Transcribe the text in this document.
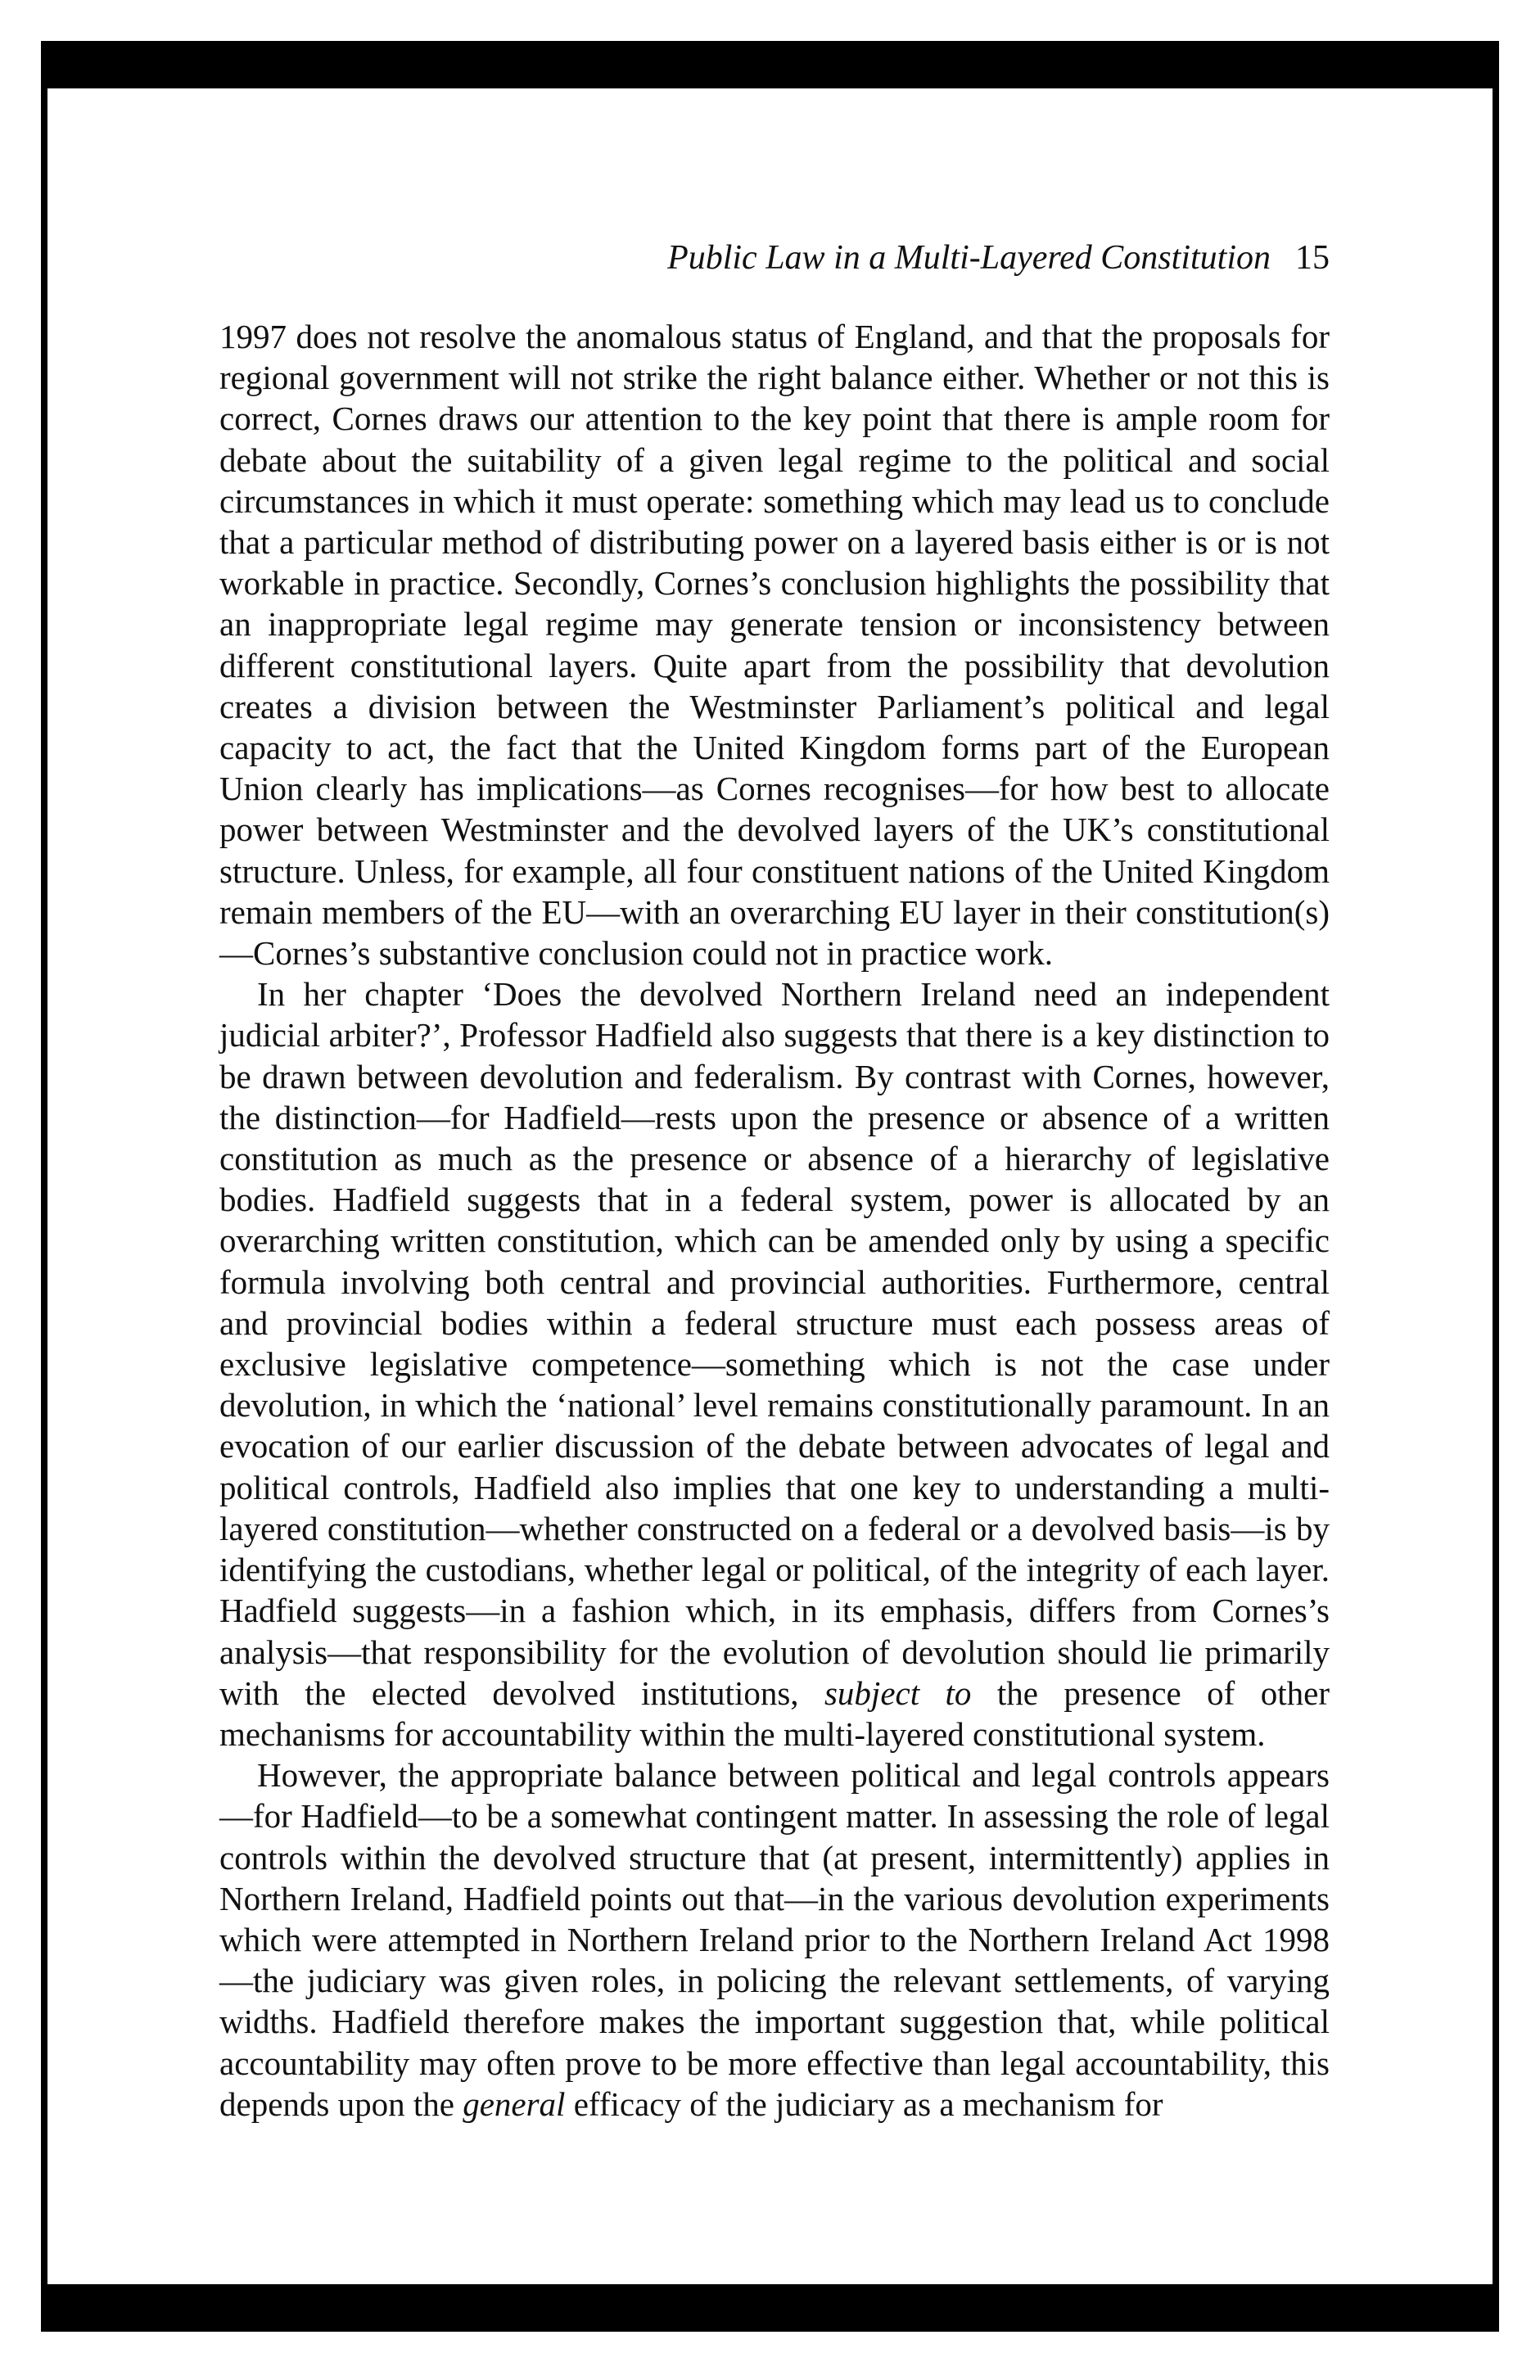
Public Law in a Multi-Layered Constitution 15

1997 does not resolve the anomalous status of England, and that the proposals for regional government will not strike the right balance either. Whether or not this is correct, Cornes draws our attention to the key point that there is ample room for debate about the suitability of a given legal regime to the political and social circumstances in which it must operate: something which may lead us to conclude that a particular method of distributing power on a layered basis either is or is not workable in practice. Secondly, Cornes’s conclusion highlights the possibility that an inappropriate legal regime may generate tension or inconsistency between different constitutional layers. Quite apart from the possibility that devolution creates a division between the Westminster Parliament’s political and legal capacity to act, the fact that the United Kingdom forms part of the European Union clearly has implications—as Cornes recognises—for how best to allocate power between Westminster and the devolved layers of the UK’s constitutional structure. Unless, for example, all four constituent nations of the United Kingdom remain members of the EU—with an overarching EU layer in their constitution(s)—Cornes’s substantive conclusion could not in practice work.

In her chapter ‘Does the devolved Northern Ireland need an independent judicial arbiter?’, Professor Hadfield also suggests that there is a key distinction to be drawn between devolution and federalism. By contrast with Cornes, however, the distinction—for Hadfield—rests upon the presence or absence of a written constitution as much as the presence or absence of a hierarchy of legislative bodies. Hadfield suggests that in a federal system, power is allocated by an overarching written constitution, which can be amended only by using a specific formula involving both central and provincial authorities. Furthermore, central and provincial bodies within a federal structure must each possess areas of exclusive legislative competence—something which is not the case under devolution, in which the ‘national’ level remains constitutionally paramount. In an evocation of our earlier discussion of the debate between advocates of legal and political controls, Hadfield also implies that one key to understanding a multi-layered constitution—whether constructed on a federal or a devolved basis—is by identifying the custodians, whether legal or political, of the integrity of each layer. Hadfield suggests—in a fashion which, in its emphasis, differs from Cornes’s analysis—that responsibility for the evolution of devolution should lie primarily with the elected devolved institutions, subject to the presence of other mechanisms for accountability within the multi-layered constitutional system.

However, the appropriate balance between political and legal controls appears—for Hadfield—to be a somewhat contingent matter. In assessing the role of legal controls within the devolved structure that (at present, intermittently) applies in Northern Ireland, Hadfield points out that—in the various devolution experiments which were attempted in Northern Ireland prior to the Northern Ireland Act 1998—the judiciary was given roles, in policing the relevant settlements, of varying widths. Hadfield therefore makes the important suggestion that, while political accountability may often prove to be more effective than legal accountability, this depends upon the general efficacy of the judiciary as a mechanism for
